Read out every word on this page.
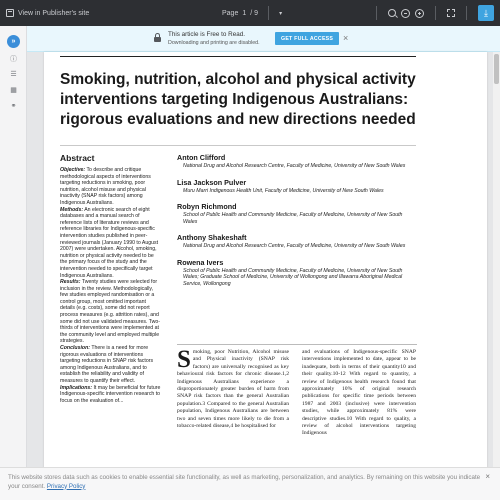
View in Publisher's site	Page 1 / 9	▾	⤓
»
ⓘ
☰
▦
⚭
This article is Free to Read.
Downloading and printing are disabled.
GET FULL ACCESS	×
Smoking, nutrition, alcohol and physical activity interventions targeting Indigenous Australians: rigorous evaluations and new directions needed
Abstract

Objective: To describe and critique methodological aspects of interventions targeting reductions in smoking, poor nutrition, alcohol misuse and physical inactivity (SNAP risk factors) among Indigenous Australians.

Methods: An electronic search of eight databases and a manual search of reference lists of literature reviews and reference libraries for Indigenous-specific intervention studies published in peer-reviewed journals (January 1990 to August 2007) were undertaken. Alcohol, smoking, nutrition or physical activity needed to be the primary focus of the study and the intervention needed to specifically target Indigenous Australians.

Results: Twenty studies were selected for inclusion in the review. Methodologically, few studies employed randomisation or a control group, most omitted important details (e.g. costs), some did not report process measures (e.g. attrition rates), and some did not use validated measures. Two-thirds of interventions were implemented at the community level and employed multiple strategies.

Conclusion: There is a need for more rigorous evaluations of interventions targeting reductions in SNAP risk factors among Indigenous Australians, and to establish the reliability and validity of measures to quantify their effect.

Implications: It may be beneficial for future Indigenous-specific intervention research to focus on the evaluation of...

Anton Clifford
National Drug and Alcohol Research Centre, Faculty of Medicine, University of New South Wales
Lisa Jackson Pulver
Muru Marri Indigenous Health Unit, Faculty of Medicine, University of New South Wales
Robyn Richmond
School of Public Health and Community Medicine, Faculty of Medicine, University of New South Wales
Anthony Shakeshaft
National Drug and Alcohol Research Centre, Faculty of Medicine, University of New South Wales
Rowena Ivers
School of Public Health and Community Medicine, Faculty of Medicine, University of New South Wales; Graduate School of Medicine, University of Wollongong and Illawarra Aboriginal Medical Service, Wollongong
Smoking, poor Nutrition, Alcohol misuse and Physical inactivity (SNAP risk factors) are universally recognised as key behavioural risk factors for chronic disease.1,2 Indigenous Australians experience a disproportionately greater burden of harm from SNAP risk factors than the general Australian population.3 Compared to the general Australian population, Indigenous Australians are between two and seven times more likely to die from a tobacco-related disease,4 be hospitalised for
and evaluations of Indigenous-specific SNAP interventions implemented to date, appear to be inadequate, both in terms of their quantity10 and their quality.10-12 With regard to quantity, a review of Indigenous health research found that approximately 10% of original research publications for specific time periods between 1987 and 2003 (inclusive) were intervention studies, while approximately 81% were descriptive studies.10 With regard to quality, a review of alcohol interventions targeting Indigenous
This website stores data such as cookies to enable essential site functionality, as well as marketing, personalization, and analytics. By remaining on this website you indicate your consent. Privacy Policy
×
